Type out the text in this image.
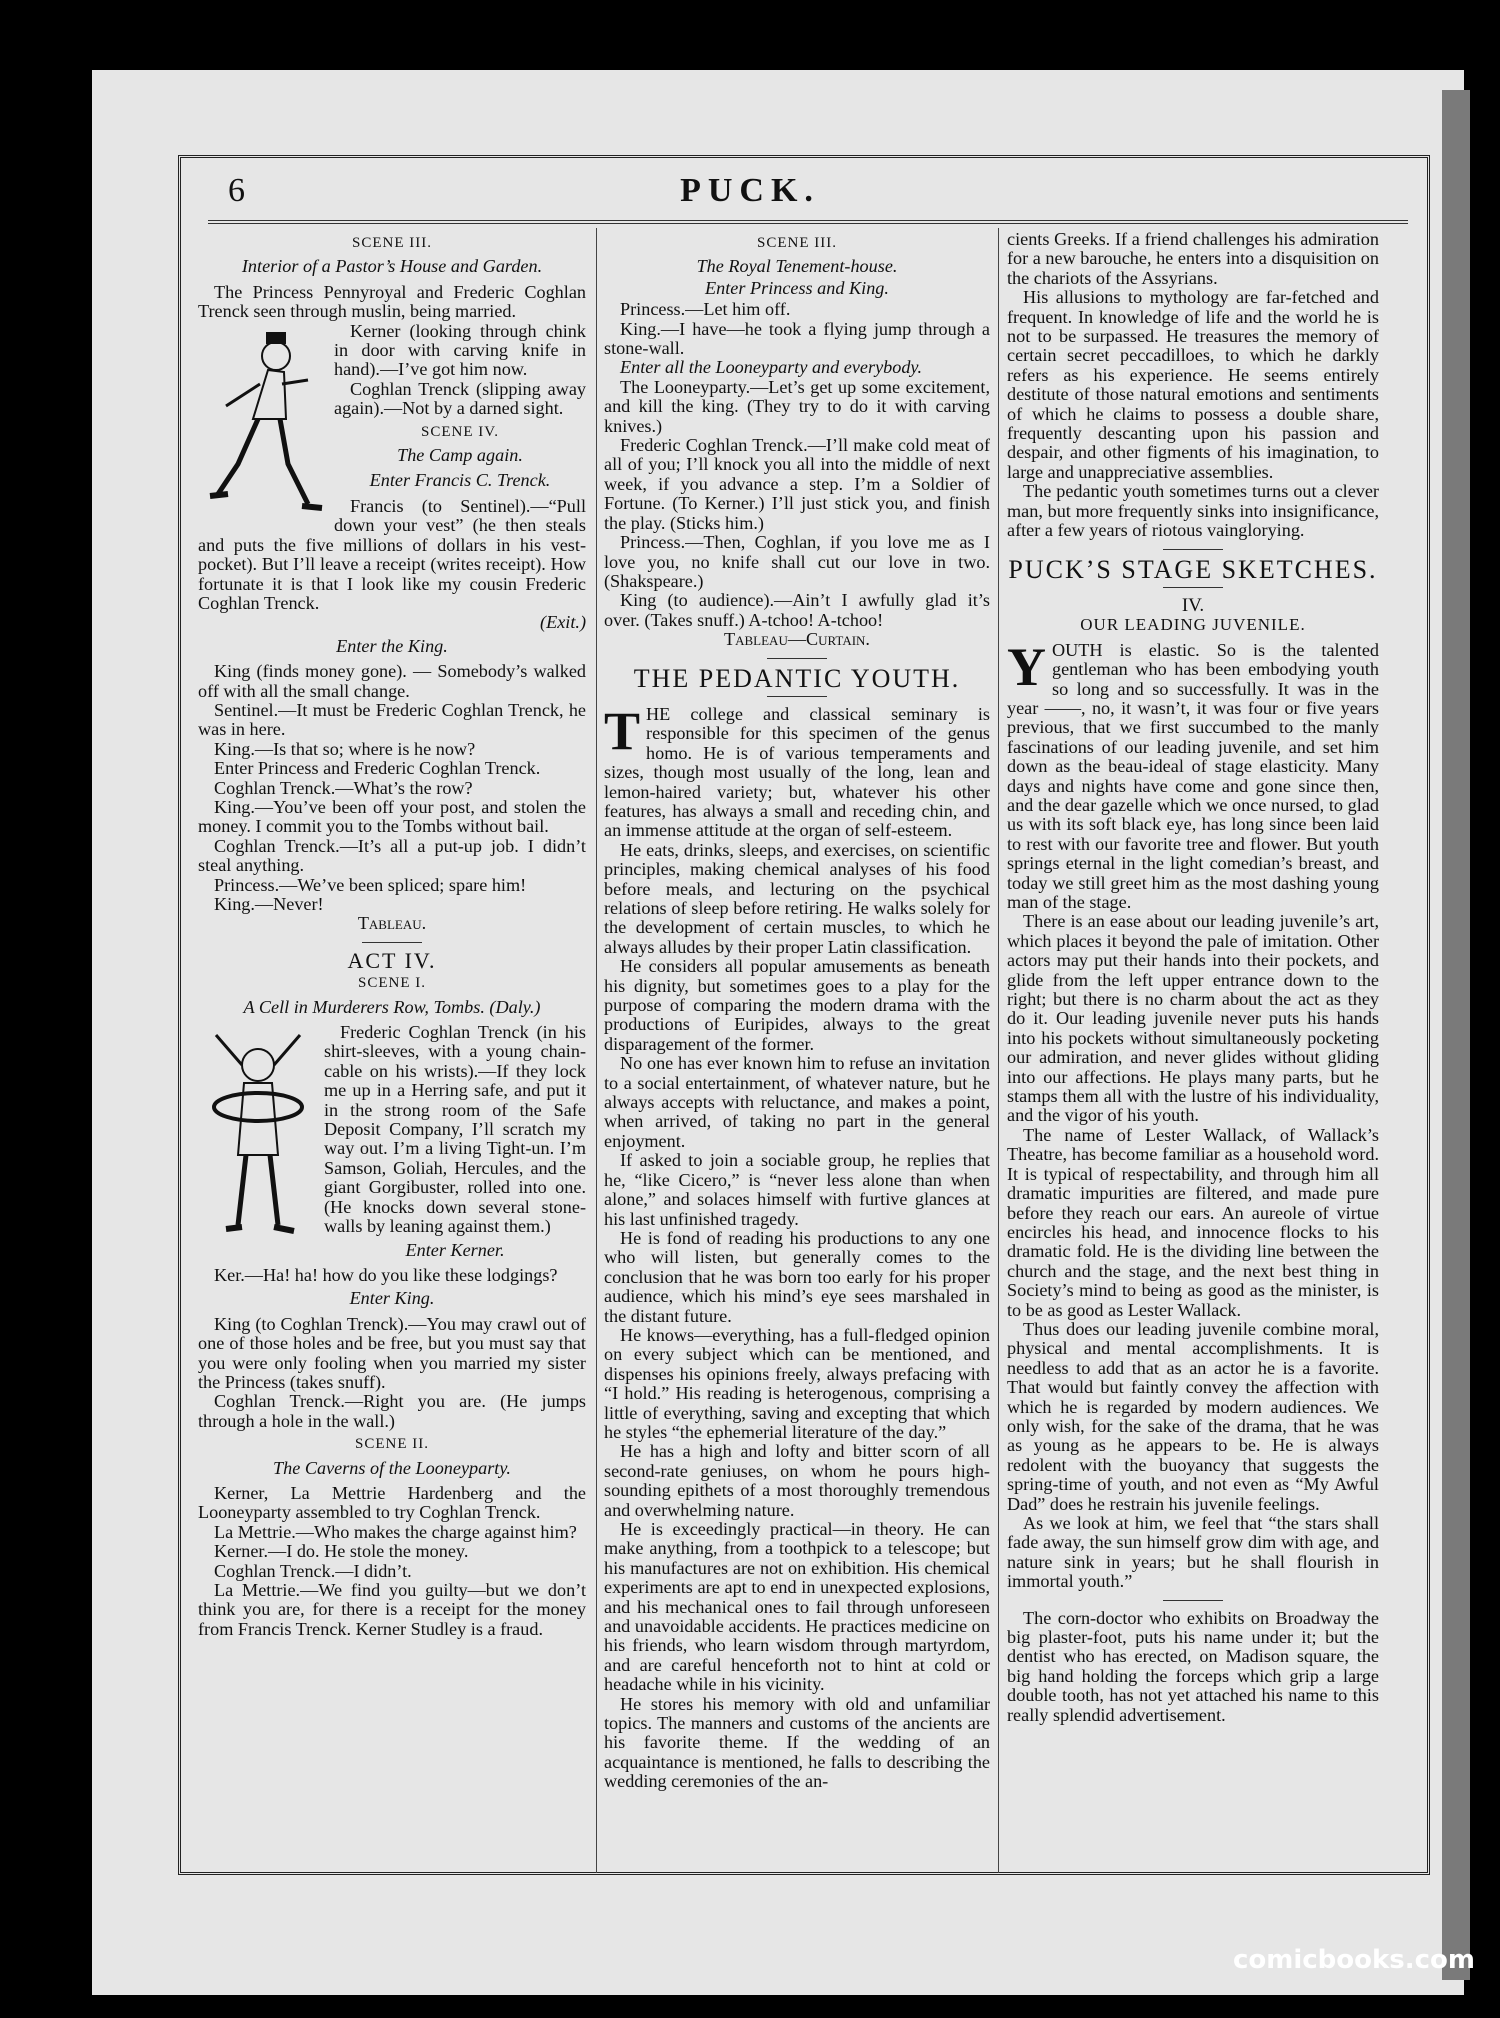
6	PUCK.
SCENE III.
Interior of a Pastor’s House and Garden.

The Princess Pennyroyal and Frederic Coghlan Trenck seen through muslin, being married.

Kerner (looking through chink in door with carving knife in hand).—I’ve got him now.

Coghlan Trenck (slipping away again).—Not by a darned sight.

SCENE IV.
The Camp again.
Enter Francis C. Trenck.

Francis (to Sentinel).—“Pull down your vest” (he then steals and puts the five millions of dollars in his vest-pocket). But I’ll leave a receipt (writes receipt). How fortunate it is that I look like my cousin Frederic Coghlan Trenck.

(Exit.)
Enter the King.

King (finds money gone). — Somebody’s walked off with all the small change.

Sentinel.—It must be Frederic Coghlan Trenck, he was in here.

King.—Is that so; where is he now?

Enter Princess and Frederic Coghlan Trenck.

Coghlan Trenck.—What’s the row?

King.—You’ve been off your post, and stolen the money. I commit you to the Tombs without bail.

Coghlan Trenck.—It’s all a put-up job. I didn’t steal anything.

Princess.—We’ve been spliced; spare him!

King.—Never!

Tableau.
ACT IV.
SCENE I.
A Cell in Murderers Row, Tombs. (Daly.)

Frederic Coghlan Trenck (in his shirt-sleeves, with a young chain-cable on his wrists).—If they lock me up in a Herring safe, and put it in the strong room of the Safe Deposit Company, I’ll scratch my way out. I’m a living Tight-un. I’m Samson, Goliah, Hercules, and the giant Gorgibuster, rolled into one. (He knocks down several stone-walls by leaning against them.)

Enter Kerner.

Ker.—Ha! ha! how do you like these lodgings?

Enter King.

King (to Coghlan Trenck).—You may crawl out of one of those holes and be free, but you must say that you were only fooling when you married my sister the Princess (takes snuff).

Coghlan Trenck.—Right you are. (He jumps through a hole in the wall.)

SCENE II.
The Caverns of the Looneyparty.

Kerner, La Mettrie Hardenberg and the Looneyparty assembled to try Coghlan Trenck.

La Mettrie.—Who makes the charge against him?

Kerner.—I do. He stole the money.

Coghlan Trenck.—I didn’t.

La Mettrie.—We find you guilty—but we don’t think you are, for there is a receipt for the money from Francis Trenck. Kerner Studley is a fraud.

SCENE III.
The Royal Tenement-house.
Enter Princess and King.

Princess.—Let him off.

King.—I have—he took a flying jump through a stone-wall.

Enter all the Looneyparty and everybody.

The Looneyparty.—Let’s get up some excitement, and kill the king. (They try to do it with carving knives.)

Frederic Coghlan Trenck.—I’ll make cold meat of all of you; I’ll knock you all into the middle of next week, if you advance a step. I’m a Soldier of Fortune. (To Kerner.) I’ll just stick you, and finish the play. (Sticks him.)

Princess.—Then, Coghlan, if you love me as I love you, no knife shall cut our love in two. (Shakspeare.)

King (to audience).—Ain’t I awfully glad it’s over. (Takes snuff.) A-tchoo! A-tchoo!

Tableau—Curtain.
THE PEDANTIC YOUTH.
T HE college and classical seminary is responsible for this specimen of the genus homo. He is of various temperaments and sizes, though most usually of the long, lean and lemon-haired variety; but, whatever his other features, has always a small and receding chin, and an immense attitude at the organ of self-esteem.

He eats, drinks, sleeps, and exercises, on scientific principles, making chemical analyses of his food before meals, and lecturing on the psychical relations of sleep before retiring. He walks solely for the development of certain muscles, to which he always alludes by their proper Latin classification.

He considers all popular amusements as beneath his dignity, but sometimes goes to a play for the purpose of comparing the modern drama with the productions of Euripides, always to the great disparagement of the former.

No one has ever known him to refuse an invitation to a social entertainment, of whatever nature, but he always accepts with reluctance, and makes a point, when arrived, of taking no part in the general enjoyment.

If asked to join a sociable group, he replies that he, “like Cicero,” is “never less alone than when alone,” and solaces himself with furtive glances at his last unfinished tragedy.

He is fond of reading his productions to any one who will listen, but generally comes to the conclusion that he was born too early for his proper audience, which his mind’s eye sees marshaled in the distant future.

He knows—everything, has a full-fledged opinion on every subject which can be mentioned, and dispenses his opinions freely, always prefacing with “I hold.” His reading is heterogenous, comprising a little of everything, saving and excepting that which he styles “the ephemerial literature of the day.”

He has a high and lofty and bitter scorn of all second-rate geniuses, on whom he pours high-sounding epithets of a most thoroughly tremendous and overwhelming nature.

He is exceedingly practical—in theory. He can make anything, from a toothpick to a telescope; but his manufactures are not on exhibition. His chemical experiments are apt to end in unexpected explosions, and his mechanical ones to fail through unforeseen and unavoidable accidents. He practices medicine on his friends, who learn wisdom through martyrdom, and are careful henceforth not to hint at cold or headache while in his vicinity.

He stores his memory with old and unfamiliar topics. The manners and customs of the ancients are his favorite theme. If the wedding of an acquaintance is mentioned, he falls to describing the wedding ceremonies of the an-

cients Greeks. If a friend challenges his admiration for a new barouche, he enters into a disquisition on the chariots of the Assyrians.

His allusions to mythology are far-fetched and frequent. In knowledge of life and the world he is not to be surpassed. He treasures the memory of certain secret peccadilloes, to which he darkly refers as his experience. He seems entirely destitute of those natural emotions and sentiments of which he claims to possess a double share, frequently descanting upon his passion and despair, and other figments of his imagination, to large and unappreciative assemblies.

The pedantic youth sometimes turns out a clever man, but more frequently sinks into insignificance, after a few years of riotous vainglorying.

PUCK’S STAGE SKETCHES.
IV.
OUR LEADING JUVENILE.
Y OUTH is elastic. So is the talented gentleman who has been embodying youth so long and so successfully. It was in the year ——, no, it wasn’t, it was four or five years previous, that we first succumbed to the manly fascinations of our leading juvenile, and set him down as the beau-ideal of stage elasticity. Many days and nights have come and gone since then, and the dear gazelle which we once nursed, to glad us with its soft black eye, has long since been laid to rest with our favorite tree and flower. But youth springs eternal in the light comedian’s breast, and today we still greet him as the most dashing young man of the stage.

There is an ease about our leading juvenile’s art, which places it beyond the pale of imitation. Other actors may put their hands into their pockets, and glide from the left upper entrance down to the right; but there is no charm about the act as they do it. Our leading juvenile never puts his hands into his pockets without simultaneously pocketing our admiration, and never glides without gliding into our affections. He plays many parts, but he stamps them all with the lustre of his individuality, and the vigor of his youth.

The name of Lester Wallack, of Wallack’s Theatre, has become familiar as a household word. It is typical of respectability, and through him all dramatic impurities are filtered, and made pure before they reach our ears. An aureole of virtue encircles his head, and innocence flocks to his dramatic fold. He is the dividing line between the church and the stage, and the next best thing in Society’s mind to being as good as the minister, is to be as good as Lester Wallack.

Thus does our leading juvenile combine moral, physical and mental accomplishments. It is needless to add that as an actor he is a favorite. That would but faintly convey the affection with which he is regarded by modern audiences. We only wish, for the sake of the drama, that he was as young as he appears to be. He is always redolent with the buoyancy that suggests the spring-time of youth, and not even as “My Awful Dad” does he restrain his juvenile feelings.

As we look at him, we feel that “the stars shall fade away, the sun himself grow dim with age, and nature sink in years; but he shall flourish in immortal youth.”

The corn-doctor who exhibits on Broadway the big plaster-foot, puts his name under it; but the dentist who has erected, on Madison square, the big hand holding the forceps which grip a large double tooth, has not yet attached his name to this really splendid advertisement.

comicbooks.com
